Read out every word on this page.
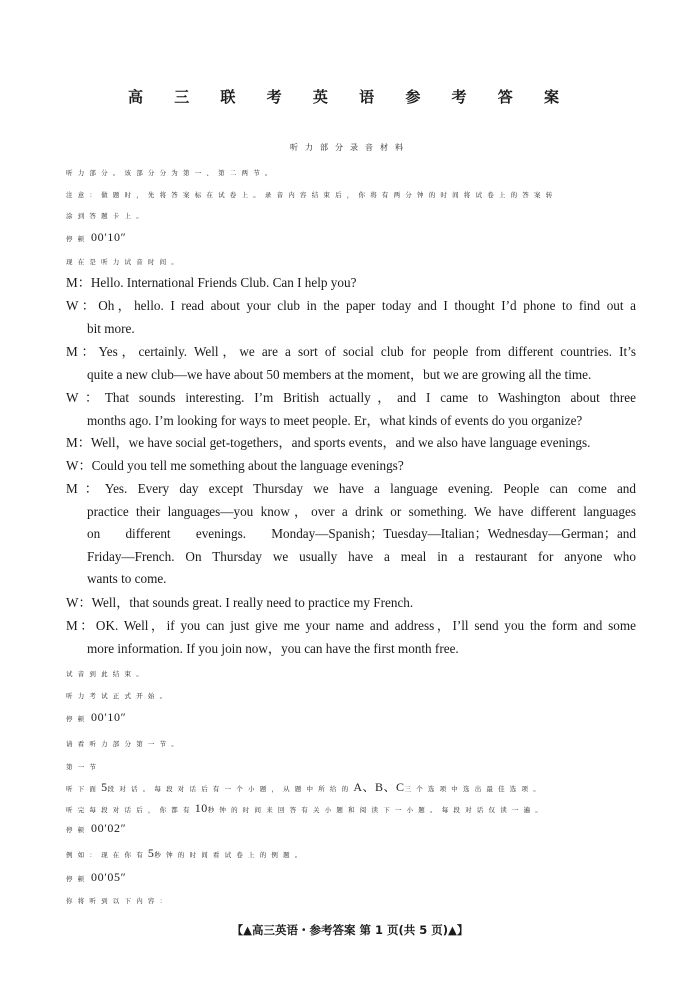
高 三 联 考 英 语 参 考 答 案
听力部分录音材料
听力部分。该部分分为第一、第二两节。
注意：做题时，先将答案标在试卷上。录音内容结束后，你将有两分钟的时间将试卷上的答案转
涂到答题卡上。
停顿 00′10″
现在是听力试音时间。
M：Hello. International Friends Club. Can I help you?
W：Oh，hello. I read about your club in the paper today and I thought I’d phone to find out a
bit more.
M：Yes，certainly. Well，we are a sort of social club for people from different countries. It’s
quite a new club—we have about 50 members at the moment，but we are growing all the time.
W：That sounds interesting. I’m British actually，and I came to Washington about three
months ago. I’m looking for ways to meet people. Er，what kinds of events do you organize?
M：Well，we have social get-togethers，and sports events，and we also have language evenings.
W：Could you tell me something about the language evenings?
M：Yes. Every day except Thursday we have a language evening. People can come and
practice their languages—you know，over a drink or something. We have different languages
on different evenings. Monday—Spanish；Tuesday—Italian；Wednesday—German；and
Friday—French. On Thursday we usually have a meal in a restaurant for anyone who
wants to come.
W：Well，that sounds great. I really need to practice my French.
M：OK. Well，if you can just give me your name and address，I’ll send you the form and some
more information. If you join now，you can have the first month free.
试音到此结束。
听力考试正式开始。
停顿 00′10″
请看听力部分第一节。
第一节
听下面5段对话。每段对话后有一个小题，从题中所给的A、B、C三个选项中选出最佳选项。
听完每段对话后，你都有10秒钟的时间来回答有关小题和阅读下一小题。每段对话仅读一遍。
停顿 00′02″
例如：现在你有5秒钟的时间看试卷上的例题。
停顿 00′05″
你将听到以下内容：
【▲高三英语・参考答案 第 1 页(共 5 页)▲】
